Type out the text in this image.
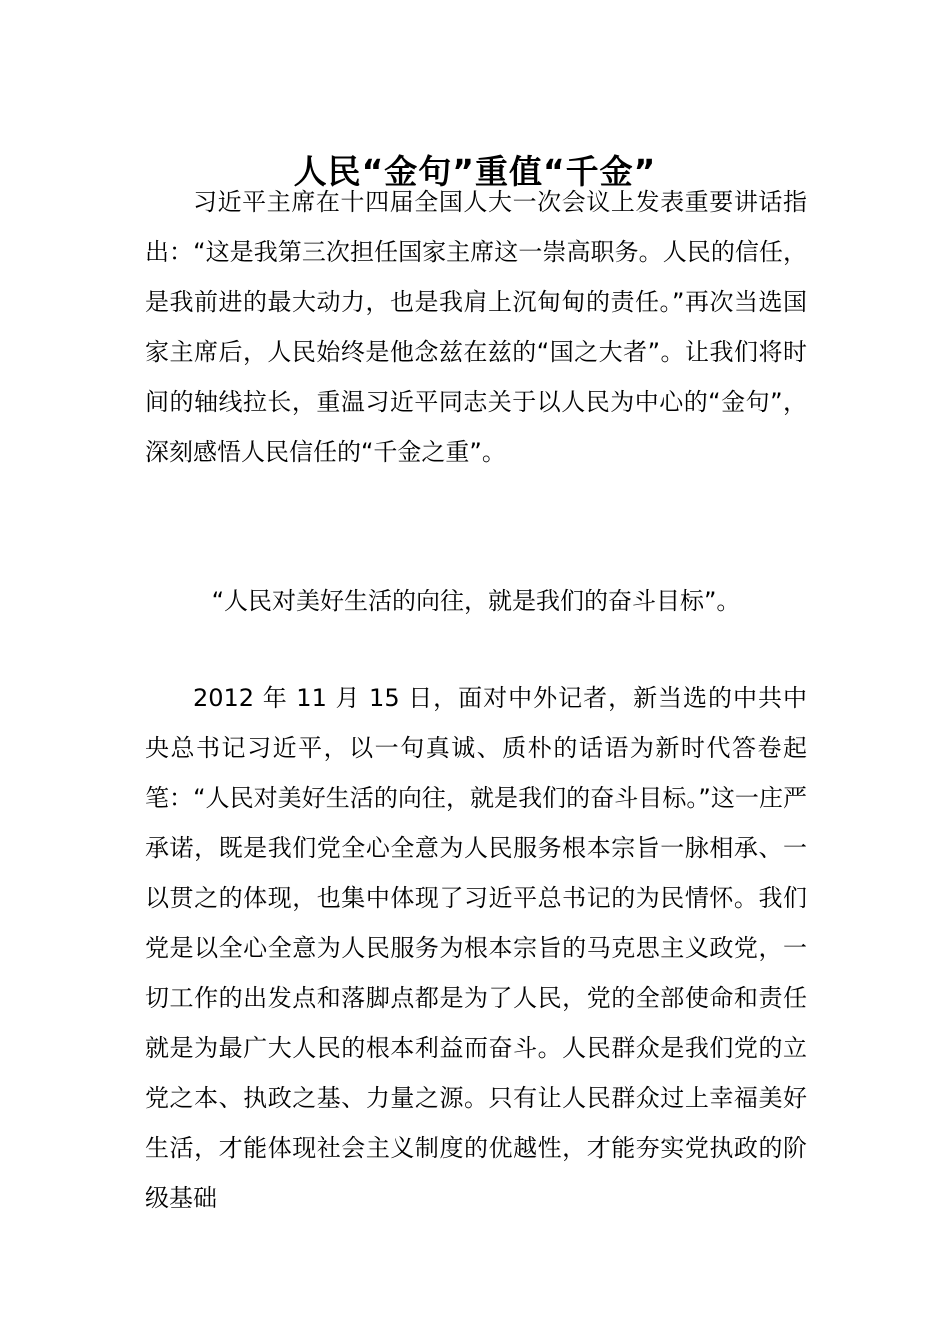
人民“金句”重值“千金”

习近平主席在十四届全国人大一次会议上发表重要讲话指出：“这是我第三次担任国家主席这一崇高职务。人民的信任，是我前进的最大动力，也是我肩上沉甸甸的责任。”再次当选国家主席后，人民始终是他念兹在兹的“国之大者”。让我们将时间的轴线拉长，重温习近平同志关于以人民为中心的“金句”，深刻感悟人民信任的“千金之重”。

“人民对美好生活的向往，就是我们的奋斗目标”。

2012 年 11 月 15 日，面对中外记者，新当选的中共中央总书记习近平，以一句真诚、质朴的话语为新时代答卷起笔：“人民对美好生活的向往，就是我们的奋斗目标。”这一庄严承诺，既是我们党全心全意为人民服务根本宗旨一脉相承、一以贯之的体现，也集中体现了习近平总书记的为民情怀。我们党是以全心全意为人民服务为根本宗旨的马克思主义政党，一切工作的出发点和落脚点都是为了人民，党的全部使命和责任就是为最广大人民的根本利益而奋斗。人民群众是我们党的立党之本、执政之基、力量之源。只有让人民群众过上幸福美好生活，才能体现社会主义制度的优越性，才能夯实党执政的阶级基础
